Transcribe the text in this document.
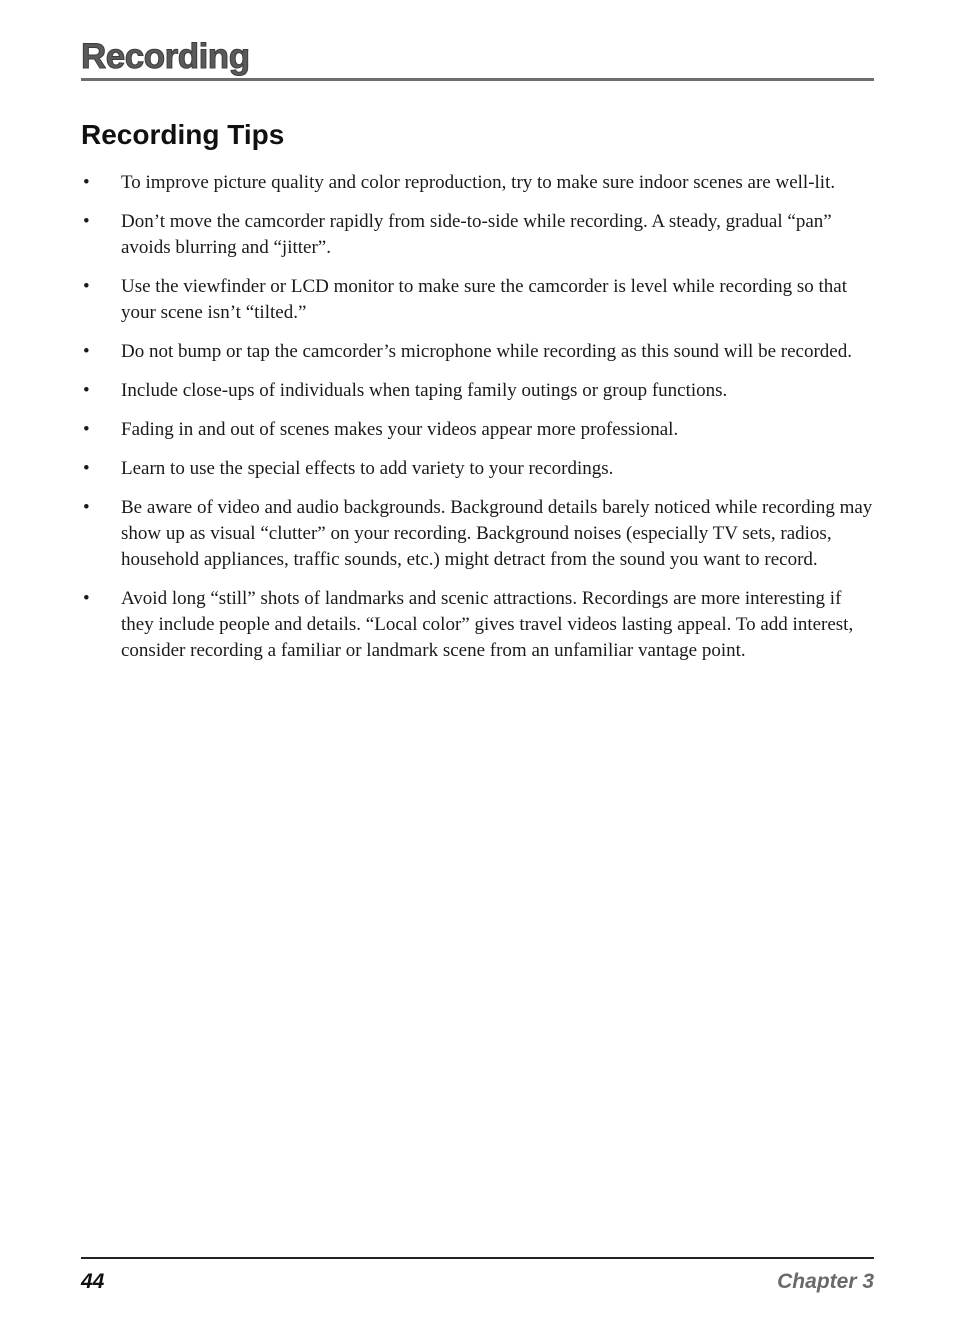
Recording
Recording Tips
• To improve picture quality and color reproduction, try to make sure indoor scenes are well-lit.
• Don’t move the camcorder rapidly from side-to-side while recording. A steady, gradual “pan” avoids blurring and “jitter”.
• Use the viewfinder or LCD monitor to make sure the camcorder is level while recording so that your scene isn’t “tilted.”
• Do not bump or tap the camcorder’s microphone while recording as this sound will be recorded.
• Include close-ups of individuals when taping family outings or group functions.
• Fading in and out of scenes makes your videos appear more professional.
• Learn to use the special effects to add variety to your recordings.
• Be aware of video and audio backgrounds. Background details barely noticed while recording may show up as visual “clutter” on your recording. Background noises (especially TV sets, radios, household appliances, traffic sounds, etc.) might detract from the sound you want to record.
• Avoid long “still” shots of landmarks and scenic attractions. Recordings are more interesting if they include people and details. “Local color” gives travel videos lasting appeal. To add interest, consider recording a familiar or landmark scene from an unfamiliar vantage point.
44	Chapter 3
